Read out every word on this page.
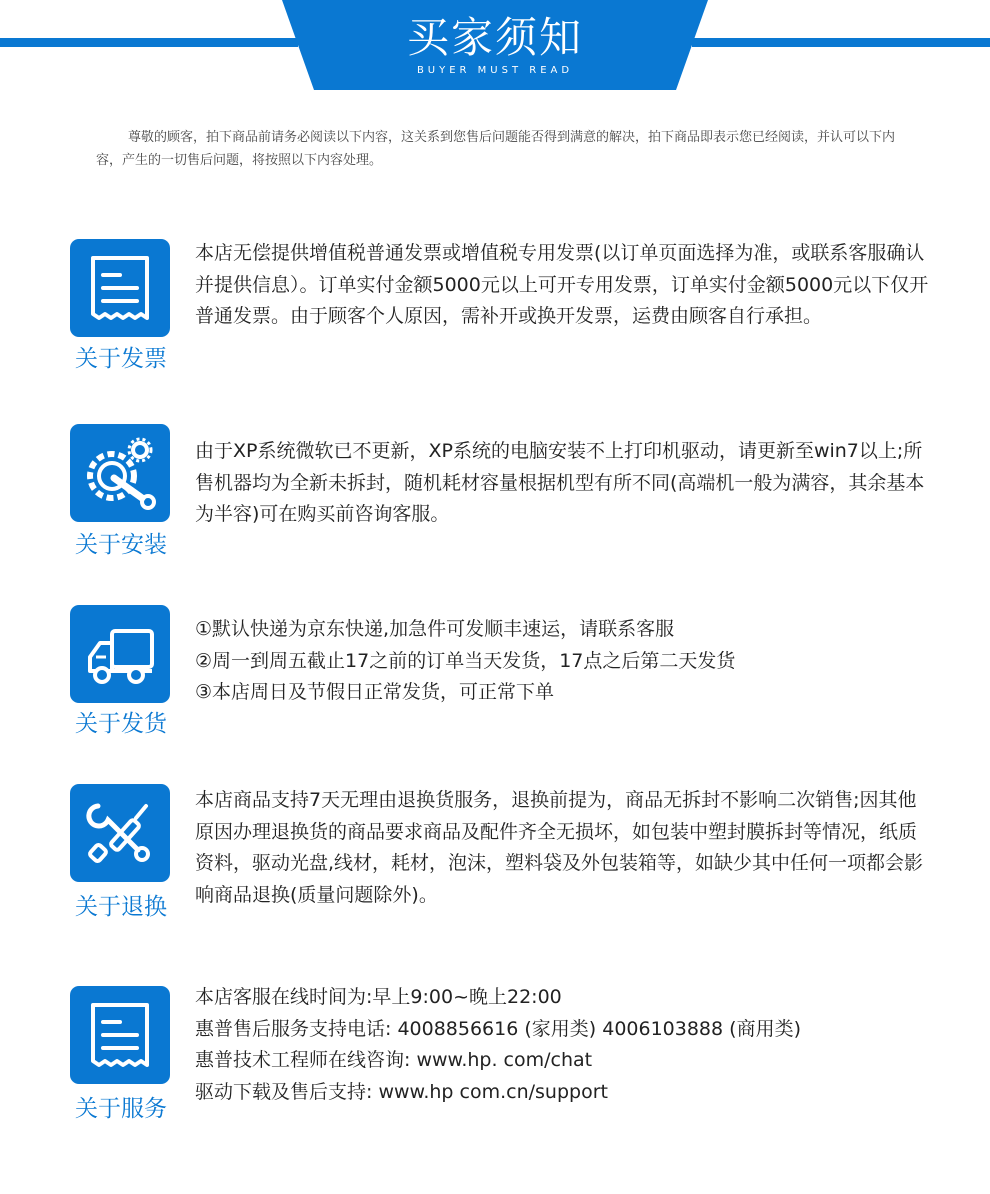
买家须知
BUYER MUST READ
尊敬的顾客，拍下商品前请务必阅读以下内容，这关系到您售后问题能否得到满意的解决，拍下商品即表示您已经阅读，并认可以下内容，产生的一切售后问题，将按照以下内容处理。
关于发票

本店无偿提供增值税普通发票或增值税专用发票(以订单页面选择为准，或联系客服确认并提供信息）。订单实付金额5000元以上可开专用发票，订单实付金额5000元以下仅开普通发票。由于顾客个人原因，需补开或换开发票，运费由顾客自行承担。

关于安装

由于XP系统微软已不更新，XP系统的电脑安装不上打印机驱动，请更新至win7以上;所售机器均为全新未拆封，随机耗材容量根据机型有所不同(高端机一般为满容，其余基本为半容)可在购买前咨询客服。

关于发货

①默认快递为京东快递,加急件可发顺丰速运，请联系客服

②周一到周五截止17之前的订单当天发货，17点之后第二天发货

③本店周日及节假日正常发货，可正常下单

关于退换

本店商品支持7天无理由退换货服务，退换前提为，商品无拆封不影响二次销售;因其他原因办理退换货的商品要求商品及配件齐全无损坏，如包装中塑封膜拆封等情况，纸质资料，驱动光盘,线材，耗材，泡沫，塑料袋及外包装箱等，如缺少其中任何一项都会影响商品退换(质量问题除外)。

关于服务

本店客服在线时间为:早上9:00~晚上22:00

惠普售后服务支持电话: 4008856616 (家用类) 4006103888 (商用类)

惠普技术工程师在线咨询: www.hp. com/chat

驱动下载及售后支持: www.hp com.cn/support
